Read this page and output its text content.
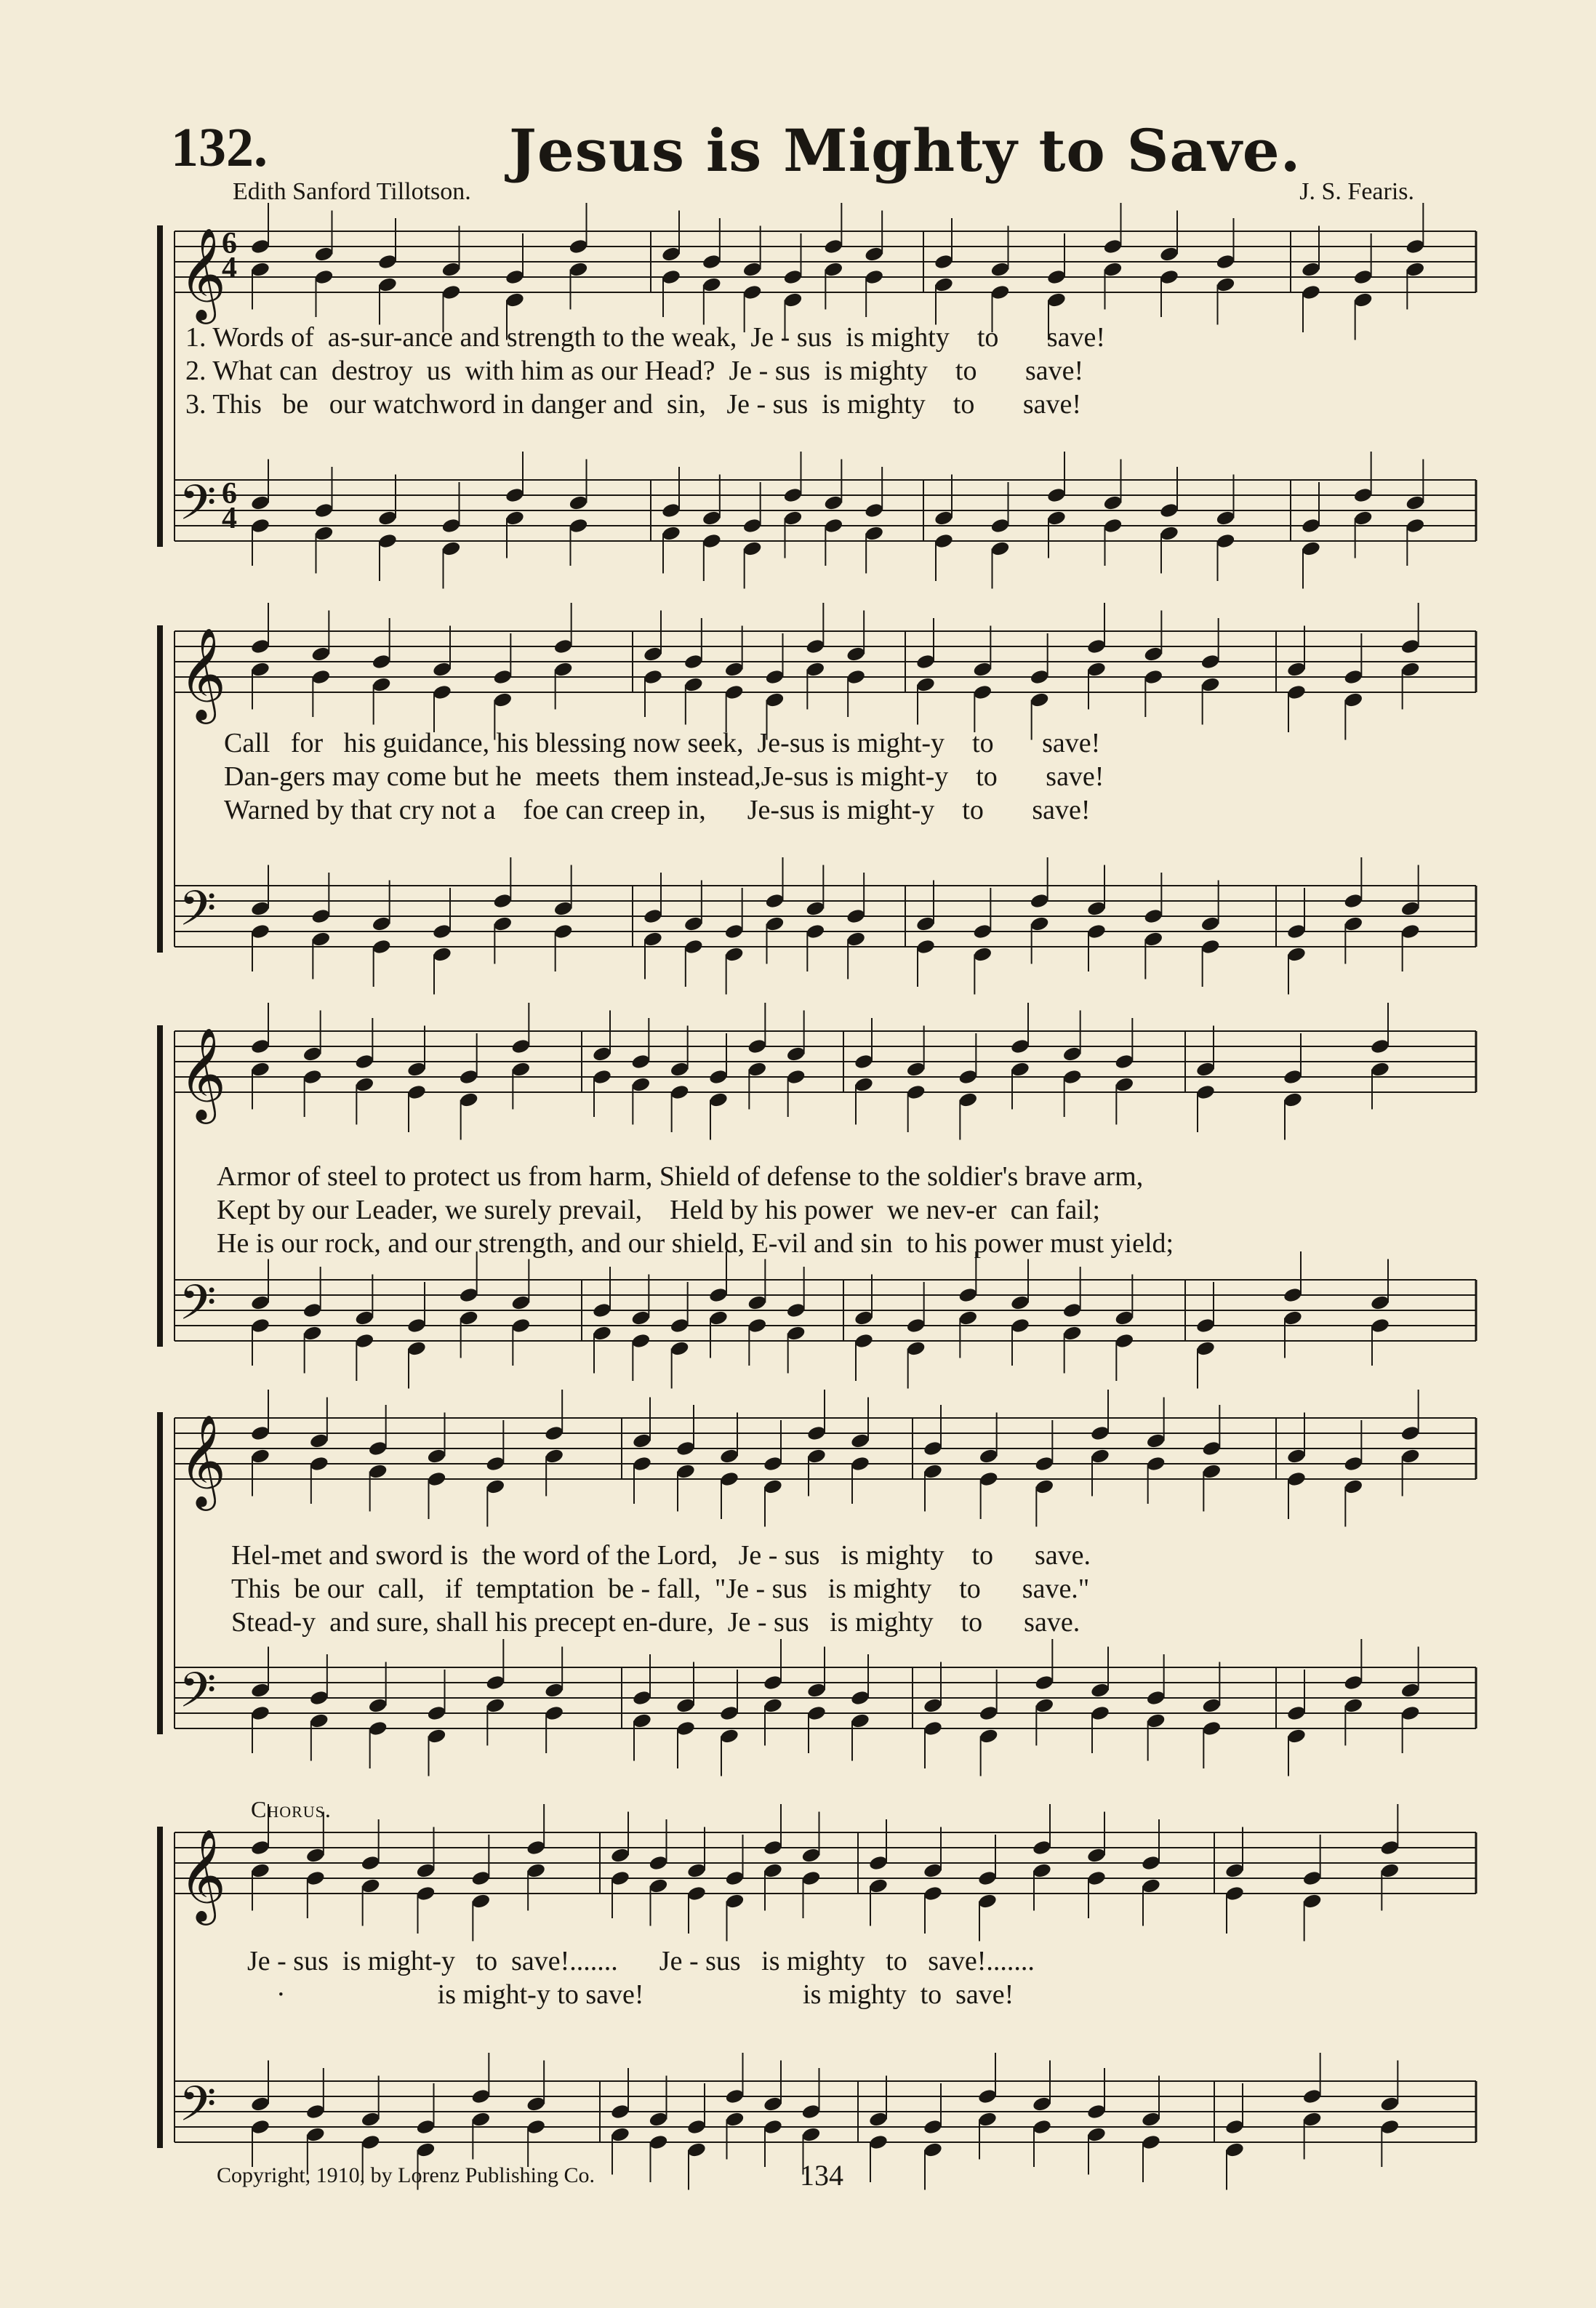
132.	Jesus is Mighty to Save.
Edith Sanford Tillotson.	J. S. Fearis.
𝄞
𝄢
𝄞
𝄢
𝄞
𝄢
𝄞
𝄢
𝄞
𝄢
6
4
6
4
1. Words of  as-sur-ance and strength to the weak,  Je - sus  is mighty    to       save!
2. What can  destroy  us  with him as our Head?  Je - sus  is mighty    to       save!
3. This   be   our watchword in danger and  sin,   Je - sus  is mighty    to       save!
Call   for   his guidance, his blessing now seek,  Je-sus is might-y    to       save!
Dan-gers may come but he  meets  them instead,Je-sus is might-y    to       save!
Warned by that cry not a    foe can creep in,      Je-sus is might-y    to       save!
Armor of steel to protect us from harm, Shield of defense to the soldier's brave arm,
Kept by our Leader, we surely prevail,    Held by his power  we nev-er  can fail;
He is our rock, and our strength, and our shield, E-vil and sin  to his power must yield;
Hel-met and sword is  the word of the Lord,   Je - sus   is mighty    to      save.
This  be our  call,   if  temptation  be - fall,  "Je - sus   is mighty    to      save."
Stead-y  and sure, shall his precept en-dure,  Je - sus   is mighty    to      save.
Chorus.
Je - sus  is might-y   to  save!.......      Je - sus   is mighty   to   save!.......
·                      is might-y to save!                       is mighty  to  save!
Copyright, 1910, by Lorenz Publishing Co.	134
